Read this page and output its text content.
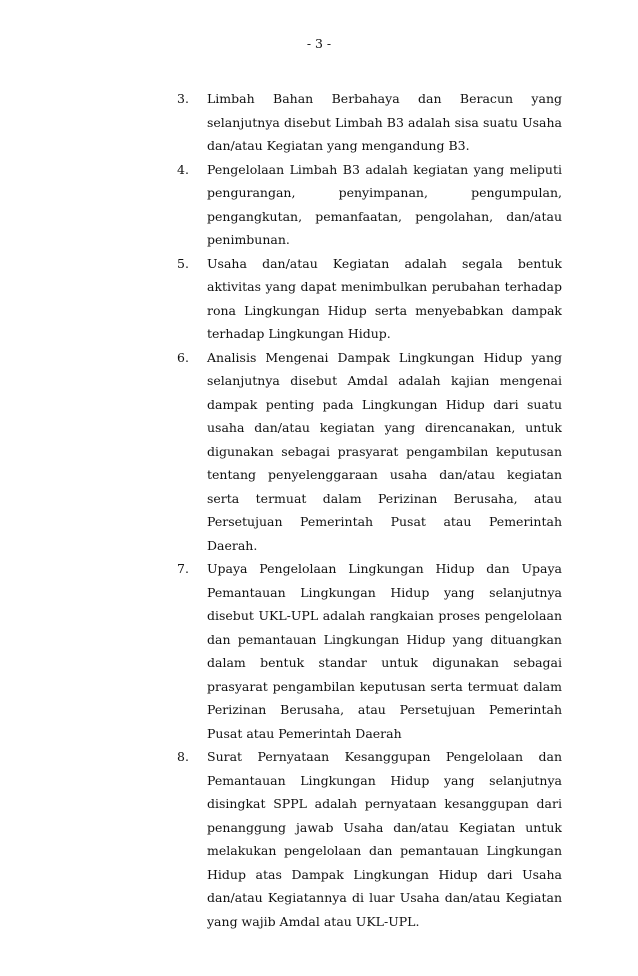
- 3 -
3. Limbah Bahan Berbahaya dan Beracun yang selanjutnya disebut Limbah B3 adalah sisa suatu Usaha dan/atau Kegiatan yang mengandung B3.

4. Pengelolaan Limbah B3 adalah kegiatan yang meliputi pengurangan, penyimpanan, pengumpulan, pengangkutan, pemanfaatan, pengolahan, dan/atau penimbunan.

5. Usaha dan/atau Kegiatan adalah segala bentuk aktivitas yang dapat menimbulkan perubahan terhadap rona Lingkungan Hidup serta menyebabkan dampak terhadap Lingkungan Hidup.

6. Analisis Mengenai Dampak Lingkungan Hidup yang selanjutnya disebut Amdal adalah kajian mengenai dampak penting pada Lingkungan Hidup dari suatu usaha dan/atau kegiatan yang direncanakan, untuk digunakan sebagai prasyarat pengambilan keputusan tentang penyelenggaraan usaha dan/atau kegiatan serta termuat dalam Perizinan Berusaha, atau Persetujuan Pemerintah Pusat atau Pemerintah Daerah.

7. Upaya Pengelolaan Lingkungan Hidup dan Upaya Pemantauan Lingkungan Hidup yang selanjutnya disebut UKL-UPL adalah rangkaian proses pengelolaan dan pemantauan Lingkungan Hidup yang dituangkan dalam bentuk standar untuk digunakan sebagai prasyarat pengambilan keputusan serta termuat dalam Perizinan Berusaha, atau Persetujuan Pemerintah Pusat atau Pemerintah Daerah

8. Surat Pernyataan Kesanggupan Pengelolaan dan Pemantauan Lingkungan Hidup yang selanjutnya disingkat SPPL adalah pernyataan kesanggupan dari penanggung jawab Usaha dan/atau Kegiatan untuk melakukan pengelolaan dan pemantauan Lingkungan Hidup atas Dampak Lingkungan Hidup dari Usaha dan/atau Kegiatannya di luar Usaha dan/atau Kegiatan yang wajib Amdal atau UKL-UPL.
